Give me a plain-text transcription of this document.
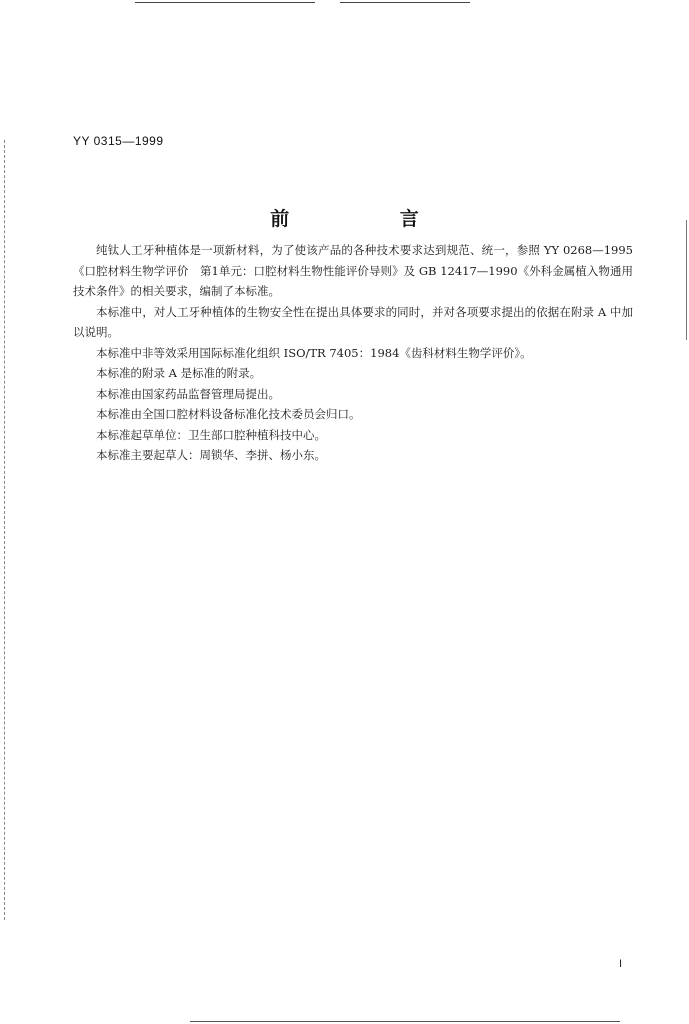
YY 0315—1999
前 言

纯钛人工牙种植体是一项新材料，为了使该产品的各种技术要求达到规范、统一，参照 YY 0268—1995《口腔材料生物学评价　第1单元：口腔材料生物性能评价导则》及 GB 12417—1990《外科金属植入物通用技术条件》的相关要求，编制了本标准。

本标准中，对人工牙种植体的生物安全性在提出具体要求的同时，并对各项要求提出的依据在附录 A 中加以说明。

本标准中非等效采用国际标准化组织 ISO/TR 7405：1984《齿科材料生物学评价》。

本标准的附录 A 是标准的附录。

本标准由国家药品监督管理局提出。

本标准由全国口腔材料设备标准化技术委员会归口。

本标准起草单位：卫生部口腔种植科技中心。

本标准主要起草人：周锁华、李拼、杨小东。

I
